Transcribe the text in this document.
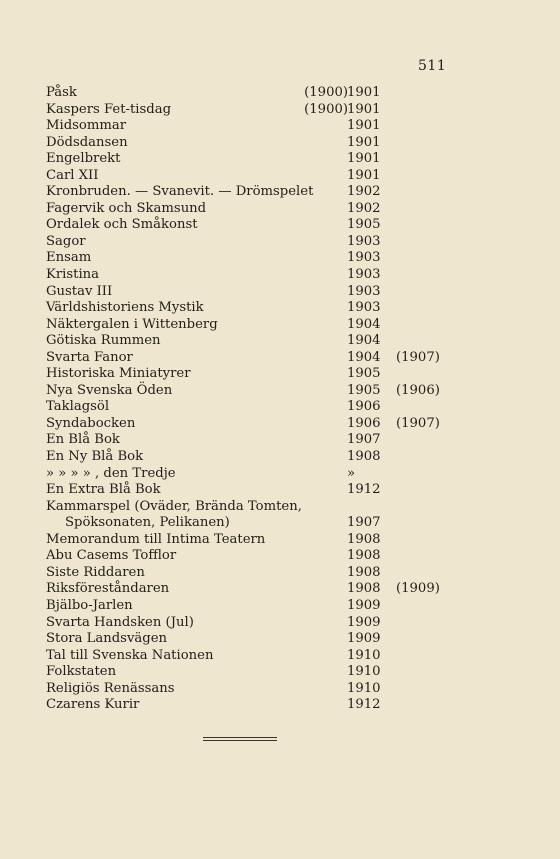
511
Påsk	(1900) 1901
Kaspers Fet-tisdag	(1900) 1901
Midsommar	1901
Dödsdansen	1901
Engelbrekt	1901
Carl XII	1901
Kronbruden. — Svanevit. — Drömspelet	1902
Fagervik och Skamsund	1902
Ordalek och Småkonst	1905
Sagor	1903
Ensam	1903
Kristina	1903
Gustav III	1903
Världshistoriens Mystik	1903
Näktergalen i Wittenberg	1904
Götiska Rummen	1904
Svarta Fanor	1904 (1907)
Historiska Miniatyrer	1905
Nya Svenska Öden	1905 (1906)
Taklagsöl	1906
Syndabocken	1906 (1907)
En Blå Bok	1907
En Ny Blå Bok	1908
» » » » , den Tredje	»
En Extra Blå Bok	1912
Kammarspel (Oväder, Brända Tomten,
Spöksonaten, Pelikanen)	1907
Memorandum till Intima Teatern	1908
Abu Casems Tofflor	1908
Siste Riddaren	1908
Riksföreståndaren	1908 (1909)
Bjälbo-Jarlen	1909
Svarta Handsken (Jul)	1909
Stora Landsvägen	1909
Tal till Svenska Nationen	1910
Folkstaten	1910
Religiös Renässans	1910
Czarens Kurir	1912
